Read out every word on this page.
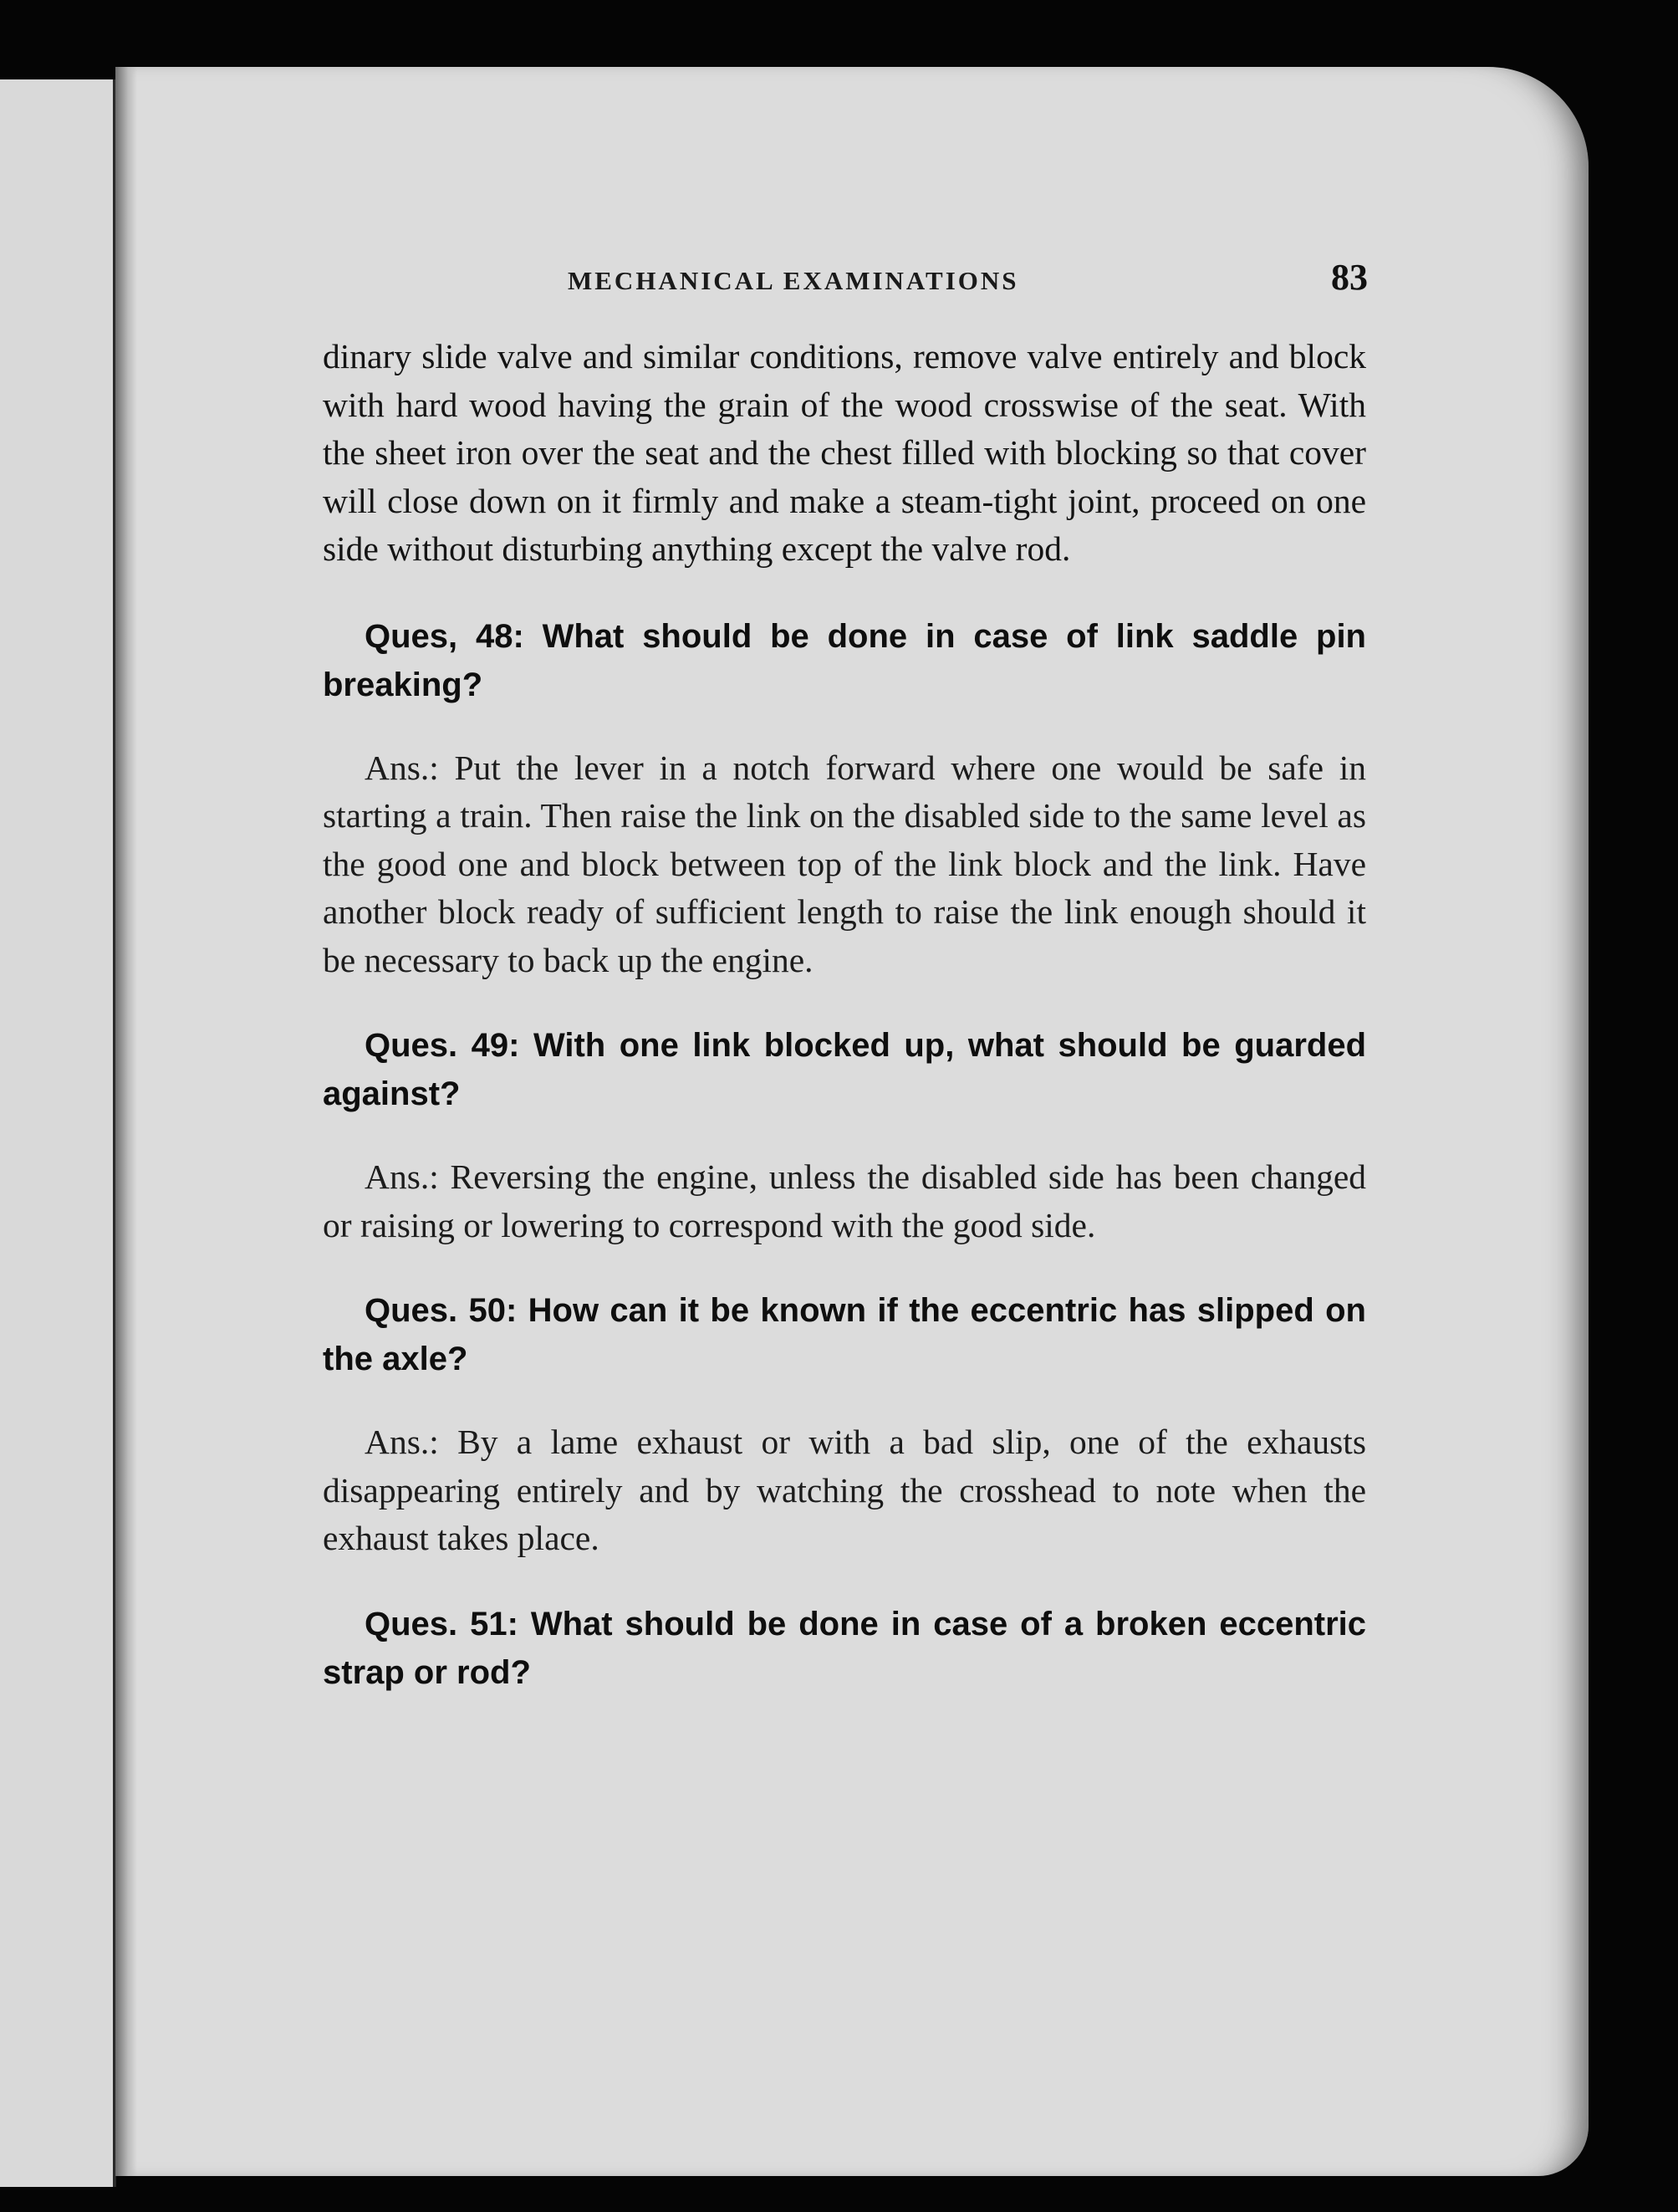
MECHANICAL EXAMINATIONS	83

dinary slide valve and similar conditions, remove valve entirely and block with hard wood having the grain of the wood crosswise of the seat. With the sheet iron over the seat and the chest filled with blocking so that cover will close down on it firmly and make a steam-tight joint, proceed on one side without disturbing anything except the valve rod.

Ques, 48: What should be done in case of link saddle pin breaking?

Ans.: Put the lever in a notch forward where one would be safe in starting a train. Then raise the link on the disabled side to the same level as the good one and block between top of the link block and the link. Have another block ready of sufficient length to raise the link enough should it be necessary to back up the engine.

Ques. 49: With one link blocked up, what should be guarded against?

Ans.: Reversing the engine, unless the disabled side has been changed or raising or lowering to correspond with the good side.

Ques. 50: How can it be known if the eccentric has slipped on the axle?

Ans.: By a lame exhaust or with a bad slip, one of the exhausts disappearing entirely and by watching the crosshead to note when the exhaust takes place.

Ques. 51: What should be done in case of a broken eccentric strap or rod?
